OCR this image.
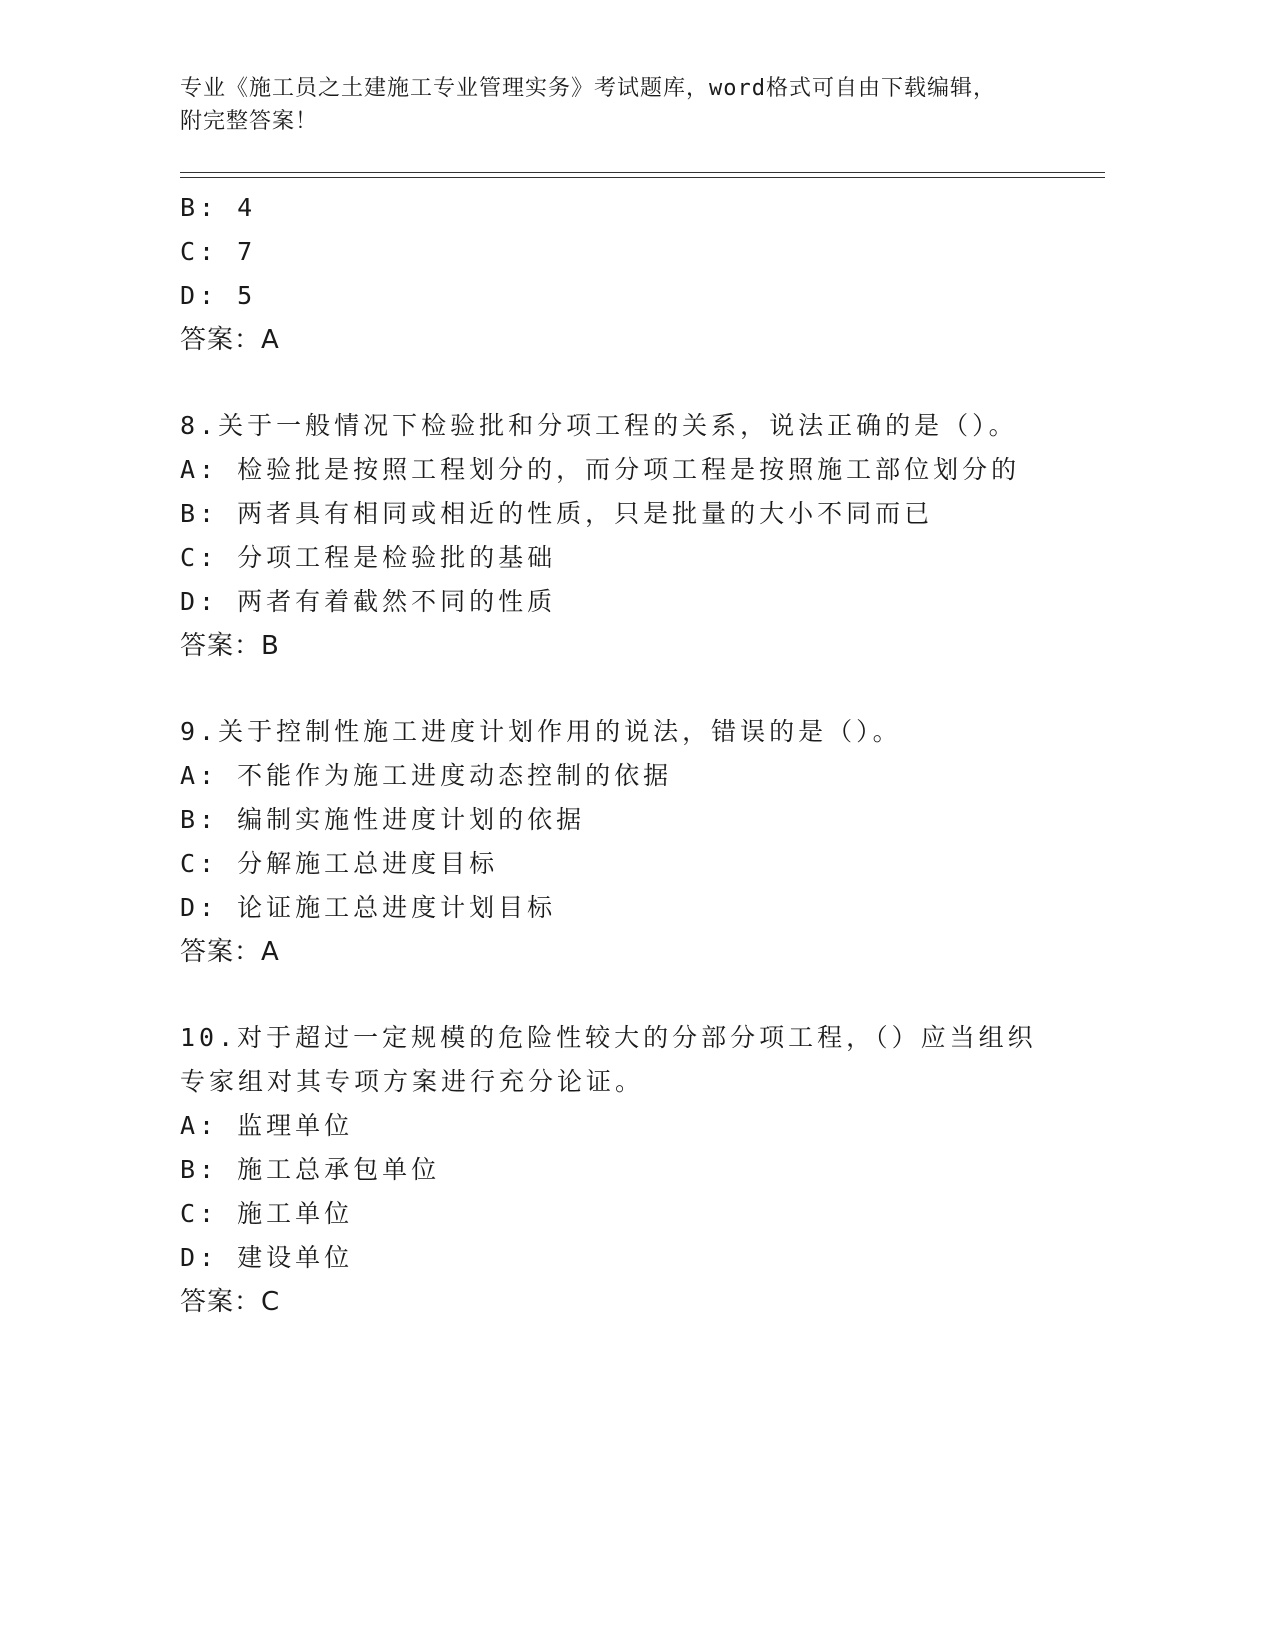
专业《施工员之土建施工专业管理实务》考试题库，word格式可自由下载编辑，
附完整答案！
B: 4
C: 7
D: 5
答案：A
8.关于一般情况下检验批和分项工程的关系，说法正确的是（）。
A: 检验批是按照工程划分的，而分项工程是按照施工部位划分的
B: 两者具有相同或相近的性质，只是批量的大小不同而已
C: 分项工程是检验批的基础
D: 两者有着截然不同的性质
答案：B
9.关于控制性施工进度计划作用的说法，错误的是（）。
A: 不能作为施工进度动态控制的依据
B: 编制实施性进度计划的依据
C: 分解施工总进度目标
D: 论证施工总进度计划目标
答案：A
10.对于超过一定规模的危险性较大的分部分项工程，（）应当组织专家组对其专项方案进行充分论证。
A: 监理单位
B: 施工总承包单位
C: 施工单位
D: 建设单位
答案：C
